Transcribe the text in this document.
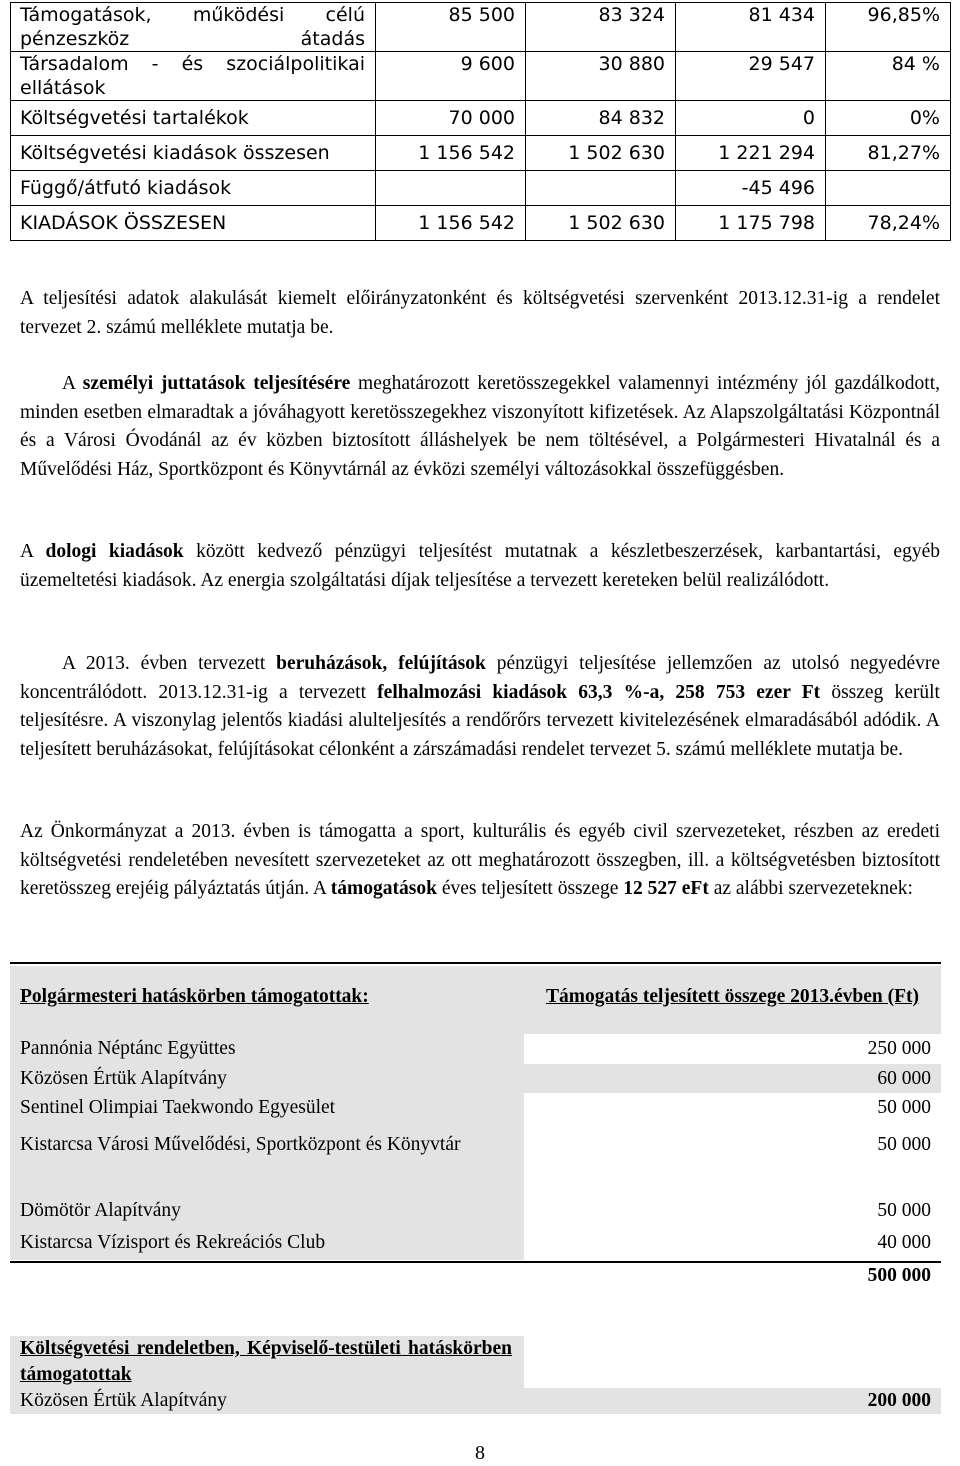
Támogatások, működési célú pénzeszköz átadás	85 500	83 324	81 434	96,85%

Társadalom - és szociálpolitikai ellátások	9 600	30 880	29 547	84 %
Költségvetési tartalékok	70 000	84 832	0	0%
Költségvetési kiadások összesen	1 156 542	1 502 630	1 221 294	81,27%
Függő/átfutó kiadások			-45 496	
KIADÁSOK ÖSSZESEN	1 156 542	1 502 630	1 175 798	78,24%
A teljesítési adatok alakulását kiemelt előirányzatonként és költségvetési szervenként 2013.12.31-ig a rendelet tervezet 2. számú melléklete mutatja be.
A személyi juttatások teljesítésére meghatározott keretösszegekkel valamennyi intézmény jól gazdálkodott, minden esetben elmaradtak a jóváhagyott keretösszegekhez viszonyított kifizetések. Az Alapszolgáltatási Központnál és a Városi Óvodánál az év közben biztosított álláshelyek be nem töltésével, a Polgármesteri Hivatalnál és a Művelődési Ház, Sportközpont és Könyvtárnál az évközi személyi változásokkal összefüggésben.
A dologi kiadások között kedvező pénzügyi teljesítést mutatnak a készletbeszerzések, karbantartási, egyéb üzemeltetési kiadások. Az energia szolgáltatási díjak teljesítése a tervezett kereteken belül realizálódott.
A 2013. évben tervezett beruházások, felújítások pénzügyi teljesítése jellemzően az utolsó negyedévre koncentrálódott. 2013.12.31-ig a tervezett felhalmozási kiadások 63,3 %-a, 258 753 ezer Ft összeg került teljesítésre. A viszonylag jelentős kiadási alulteljesítés a rendőrőrs tervezett kivitelezésének elmaradásából adódik. A teljesített beruházásokat, felújításokat célonként a zárszámadási rendelet tervezet 5. számú melléklete mutatja be.
Az Önkormányzat a 2013. évben is támogatta a sport, kulturális és egyéb civil szervezeteket, részben az eredeti költségvetési rendeletében nevesített szervezeteket az ott meghatározott összegben, ill. a költségvetésben biztosított keretösszeg erejéig pályáztatás útján. A támogatások éves teljesített összege 12 527 eFt az alábbi szervezeteknek:
Polgármesteri hatáskörben támogatottak:	Támogatás teljesített összege 2013.évben (Ft)
Pannónia Néptánc Együttes	250 000
Közösen Értük Alapítvány	60 000
Sentinel Olimpiai Taekwondo Egyesület	50 000
Kistarcsa Városi Művelődési, Sportközpont és Könyvtár	50 000
Dömötör Alapítvány	50 000
Kistarcsa Vízisport és Rekreációs Club	40 000
500 000
Költségvetési rendeletben, Képviselő-testületi hatáskörben támogatottak	

Közösen Értük Alapítvány	200 000
8
